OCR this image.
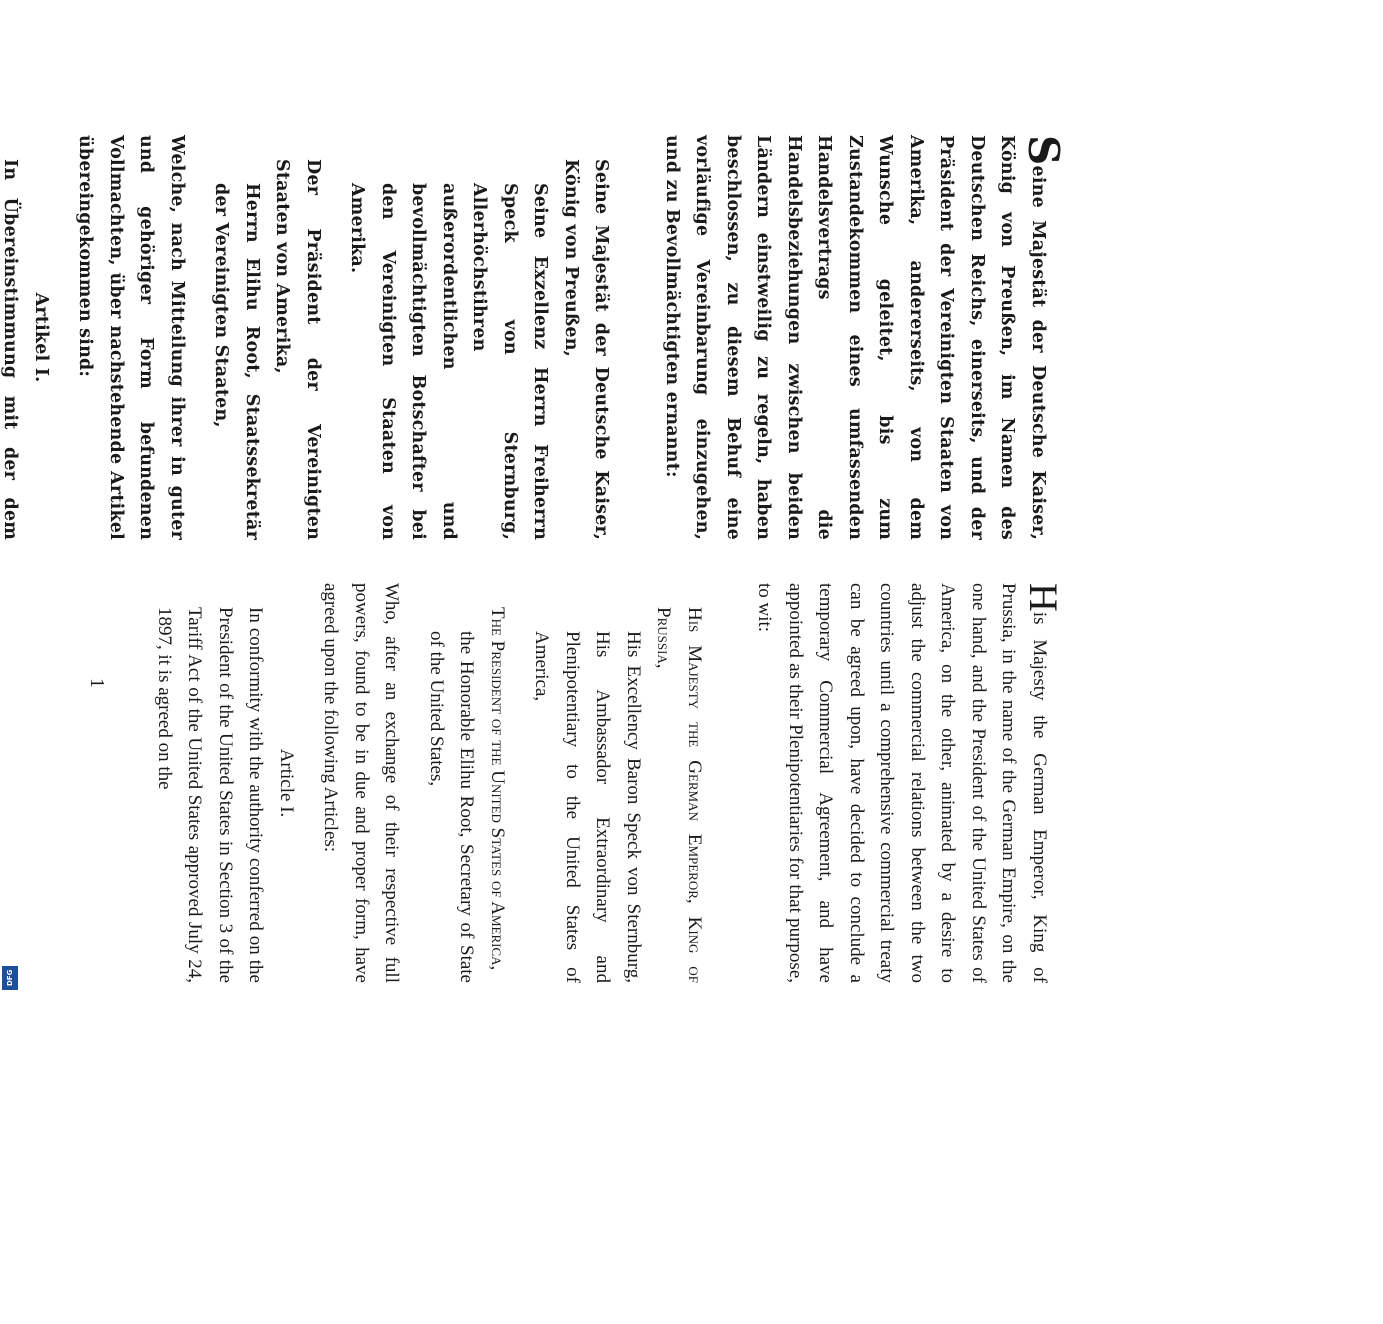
Seine Majestät der Deutsche Kaiser, König von Preußen, im Namen des Deutschen Reichs, einerseits, und der Präsident der Vereinigten Staaten von Amerika, andererseits, von dem Wunsche geleitet, bis zum Zustandekommen eines umfassenden Handelsvertrags die Handelsbeziehungen zwischen beiden Ländern einstweilig zu regeln, haben beschlossen, zu diesem Behuf eine vorläufige Vereinbarung einzugehen, und zu Bevollmächtigten ernannt:

Seine Majestät der Deutsche Kaiser, König von Preußen,

Seine Exzellenz Herrn Freiherrn Speck von Sternburg, Allerhöchstihren außerordentlichen und bevollmächtigten Botschafter bei den Vereinigten Staaten von Amerika.

Der Präsident der Vereinigten Staaten von Amerika,

Herrn Elihu Root, Staatssekretär der Vereinigten Staaten,

Welche, nach Mitteilung ihrer in guter und gehöriger Form befundenen Vollmachten, über nachstehende Artikel übereingekommen sind:

Artikel I.

In Übereinstimmung mit der dem

His Majesty the German Emperor, King of Prussia, in the name of the German Empire, on the one hand, and the President of the United States of America, on the other, animated by a desire to adjust the commercial relations between the two countries until a comprehensive commercial treaty can be agreed upon, have decided to conclude a temporary Commercial Agreement, and have appointed as their Plenipotentiaries for that purpose, to wit:

His Majesty the German Emperor, King of Prussia,

His Excellency Baron Speck von Sternburg, His Ambassador Extraordinary and Plenipotentiary to the United States of America,

The President of the United States of America,

the Honorable Elihu Root, Secretary of State of the United States,

Who, after an exchange of their respective full powers, found to be in due and proper form, have agreed upon the following Articles:

Article I.

In conformity with the authority conferred on the President of the United States in Section 3 of the Tariff Act of the United States approved July 24, 1897, it is agreed on the

1
DFG
